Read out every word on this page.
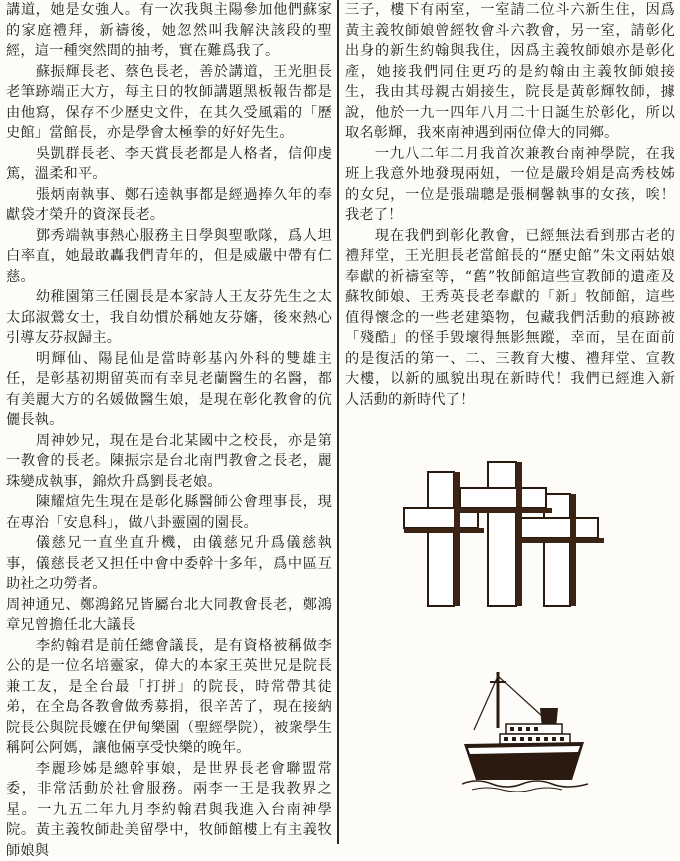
講道，她是女強人。有一次我與主陽參加他們蘇家的家庭禮拜，新禱後，她忽然叫我解決該段的聖經，這一種突然間的抽考，實在難爲我了。

蘇振輝長老、蔡色長老，善於講道，王光胆長老筆跡端正大方，每主日的牧師講題黑板報告都是由他寫，保存不少歷史文件，在其久受風霜的「歷史館」當館長，亦是學會太極拳的好好先生。

吳凱群長老、李天賞長老都是人格者，信仰虔篤，溫柔和平。

張炳南執事、鄭石逵執事都是經過捧久年的奉獻袋才榮升的資深長老。

鄧秀端執事熱心服務主日學與聖歌隊，爲人坦白率直，她最敢轟我們青年的，但是威嚴中帶有仁慈。

幼稚園第三任園長是本家詩人王友芬先生之太太邱淑鶯女士，我自幼慣於稱她友芬嬸，後來熱心引導友芬叔歸主。

明輝仙、陽昆仙是當時彰基內外科的雙雄主任，是彰基初期留英而有幸見老蘭醫生的名醫，都有美麗大方的名媛做醫生娘，是現在彰化教會的伉儷長執。

周神妙兄，現在是台北某國中之校長，亦是第一教會的長老。陳振宗是台北南門教會之長老，麗珠變成執事，錦炊升爲劉長老娘。

陳耀煊先生現在是彰化縣醫師公會理事長，現在專治「安息科」，做八卦靈園的園長。

儀慈兄一直坐直升機，由儀慈兄升爲儀慈執事，儀慈長老又担任中會中委幹十多年，爲中區互助社之功勞者。

周神通兄、鄭鴻銘兄皆屬台北大同教會長老，鄭鴻章兄曾擔任北大議長

李約翰君是前任總會議長，是有資格被稱做李公的是一位名培靈家，偉大的本家王英世兄是院長兼工友，是全台最「打拼」的院長，時常帶其徒弟，在全島各教會做秀募捐，很辛苦了，現在接納院長公與院長嬤在伊甸樂園（聖經學院），被衆學生稱阿公阿媽，讓他倆享受快樂的晚年。

李麗珍姊是總幹事娘，是世界長老會聯盟常委，非常活動於社會服務。兩李一王是我教界之星。一九五二年九月李約翰君與我進入台南神學院。黃主義牧師赴美留學中，牧師館樓上有主義牧師娘與

三子，樓下有兩室，一室請二位斗六新生住，因爲黃主義牧師娘曾經牧會斗六教會，另一室，請彰化出身的新生約翰與我住，因爲主義牧師娘亦是彰化產，她接我們同住更巧的是約翰由主義牧師娘接生，我由其母親古娟接生，院長是黃彰輝牧師，據說，他於一九一四年八月二十日誕生於彰化，所以取名彰輝，我來南神遇到兩位偉大的同鄉。

一九八二年二月我首次兼教台南神學院，在我班上我意外地發現兩妞，一位是嚴玲娟是高秀枝姊的女兒，一位是張瑞聰是張桐馨執事的女孩，唉！我老了！

現在我們到彰化教會，已經無法看到那古老的禮拜堂，王光胆長老當館長的“歷史館”朱文兩姑娘奉獻的祈禱室等，“舊”牧師館這些宣教師的遺產及蘇牧師娘、王秀英長老奉獻的「新」牧師館，這些值得懷念的一些老建築物，包藏我們活動的痕跡被「殘酷」的怪手毀壞得無影無蹤，幸而，呈在面前的是復活的第一、二、三教育大樓、禮拜堂、宣教大樓，以新的風貌出現在新時代！我們已經進入新人活動的新時代了！
